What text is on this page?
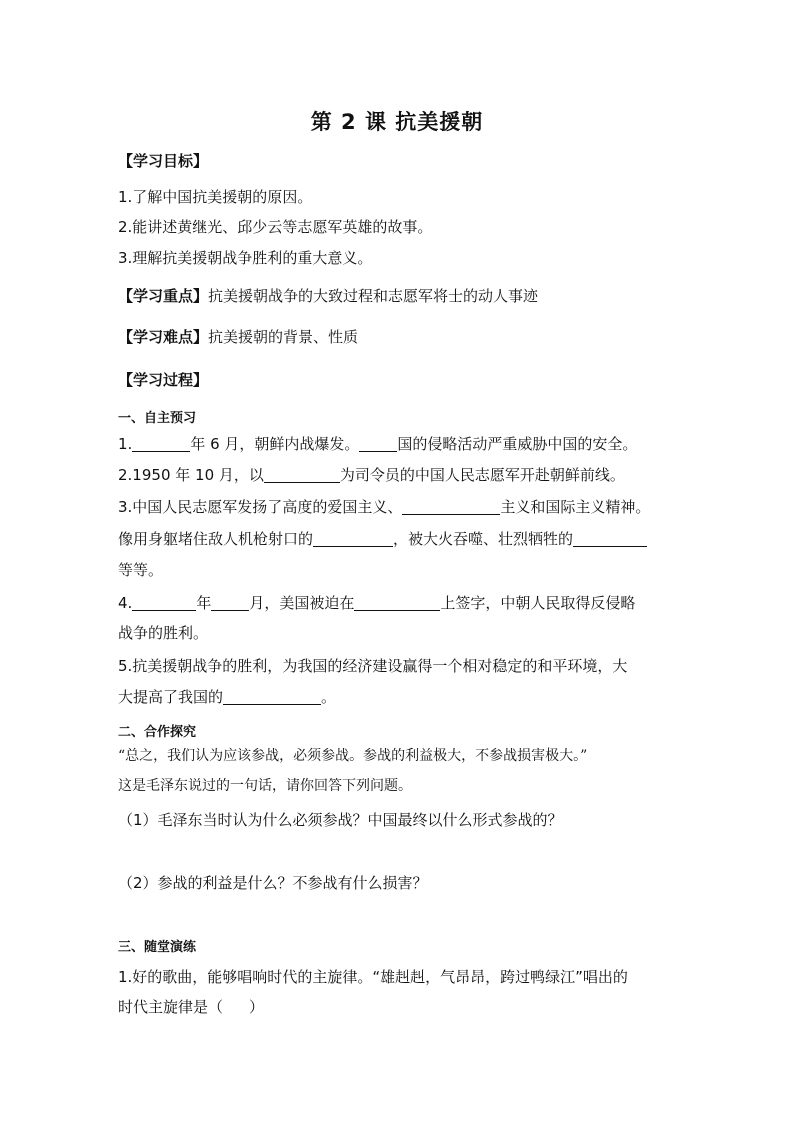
第 2 课 抗美援朝
【学习目标】
1.了解中国抗美援朝的原因。
2.能讲述黄继光、邱少云等志愿军英雄的故事。
3.理解抗美援朝战争胜利的重大意义。
【学习重点】抗美援朝战争的大致过程和志愿军将士的动人事迹
【学习难点】抗美援朝的背景、性质
【学习过程】
一、自主预习
1.	年 6 月，朝鲜内战爆发。	国的侵略活动严重威胁中国的安全。
2.1950 年 10 月，以	为司令员的中国人民志愿军开赴朝鲜前线。
3.中国人民志愿军发扬了高度的爱国主义、	主义和国际主义精神。
像用身躯堵住敌人机枪射口的	，被大火吞噬、壮烈牺牲的
等等。
4.	年	月，美国被迫在	上签字，中朝人民取得反侵略
战争的胜利。
5.抗美援朝战争的胜利，为我国的经济建设赢得一个相对稳定的和平环境，大
大提高了我国的	。
二、合作探究
“总之，我们认为应该参战，必须参战。参战的利益极大，不参战损害极大。”
这是毛泽东说过的一句话，请你回答下列问题。
（1）毛泽东当时认为什么必须参战？中国最终以什么形式参战的？
（2）参战的利益是什么？不参战有什么损害？
三、随堂演练
1.好的歌曲，能够唱响时代的主旋律。“雄赳赳，气昂昂，跨过鸭绿江”唱出的
时代主旋律是（ ）
